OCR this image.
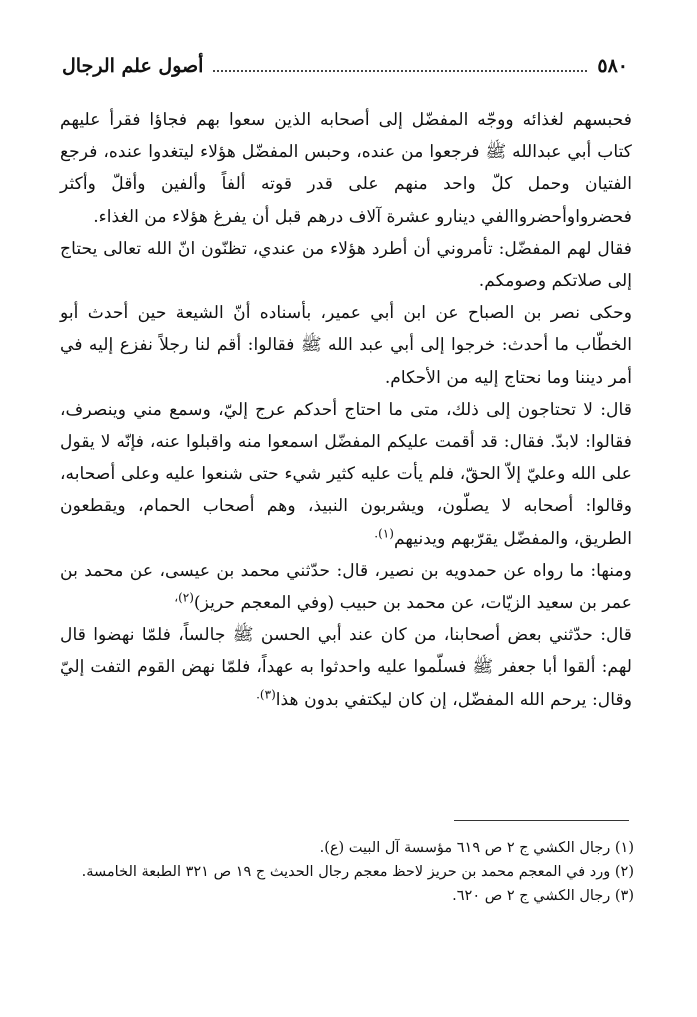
٥٨٠
أصول علم الرجال

فحبسهم لغذائه ووجّه المفضّل إلى أصحابه الذين سعوا بهم فجاؤا فقرأ عليهم كتاب أبي عبدالله ﷺ فرجعوا من عنده، وحبس المفضّل هؤلاء ليتغدوا عنده، فرجع الفتيان وحمل كلّ واحد منهم على قدر قوته ألفاً وألفين وأقلّ وأكثر فحضرواوأحضرواالفي دينارو عشرة آلاف درهم قبل أن يفرغ هؤلاء من الغذاء.

فقال لهم المفضّل: تأمروني أن أطرد هؤلاء من عندي، تظنّون انّ الله تعالى يحتاج إلى صلاتكم وصومكم.

وحكى نصر بن الصباح عن ابن أبي عمير، بأسناده أنّ الشيعة حين أحدث أبو الخطّاب ما أحدث: خرجوا إلى أبي عبد الله ﷺ فقالوا: أقم لنا رجلاً نفزع إليه في أمر ديننا وما نحتاج إليه من الأحكام.

قال: لا تحتاجون إلى ذلك، متى ما احتاج أحدكم عرج إليّ، وسمع مني وينصرف، فقالوا: لابدّ. فقال: قد أقمت عليكم المفضّل اسمعوا منه واقبلوا عنه، فإنّه لا يقول على الله وعليّ إلاّ الحقّ، فلم يأت عليه كثير شيء حتى شنعوا عليه وعلى أصحابه، وقالوا: أصحابه لا يصلّون، ويشربون النبيذ، وهم أصحاب الحمام، ويقطعون الطريق، والمفضّل يقرّبهم ويدنيهم$^{(١).}$

ومنها: ما رواه عن حمدويه بن نصير، قال: حدّثني محمد بن عيسى، عن محمد بن عمر بن سعيد الزيّات، عن محمد بن حبيب (وفي المعجم حريز)$^{(٢)،}$

قال: حدّثني بعض أصحابنا، من كان عند أبي الحسن ﷺ جالساً، فلمّا نهضوا قال لهم: ألقوا أبا جعفر ﷺ فسلّموا عليه واحدثوا به عهداً، فلمّا نهض القوم التفت إليّ وقال: يرحم الله المفضّل، إن كان ليكتفي بدون هذا$^{(٣).}$

(١) رجال الكشي ج ٢ ص ٦١٩ مؤسسة آل البيت (ع).

(٢) ورد في المعجم محمد بن حريز لاحظ معجم رجال الحديث ج ١٩ ص ٣٢١ الطبعة الخامسة.

(٣) رجال الكشي ج ٢ ص ٦٢٠.
